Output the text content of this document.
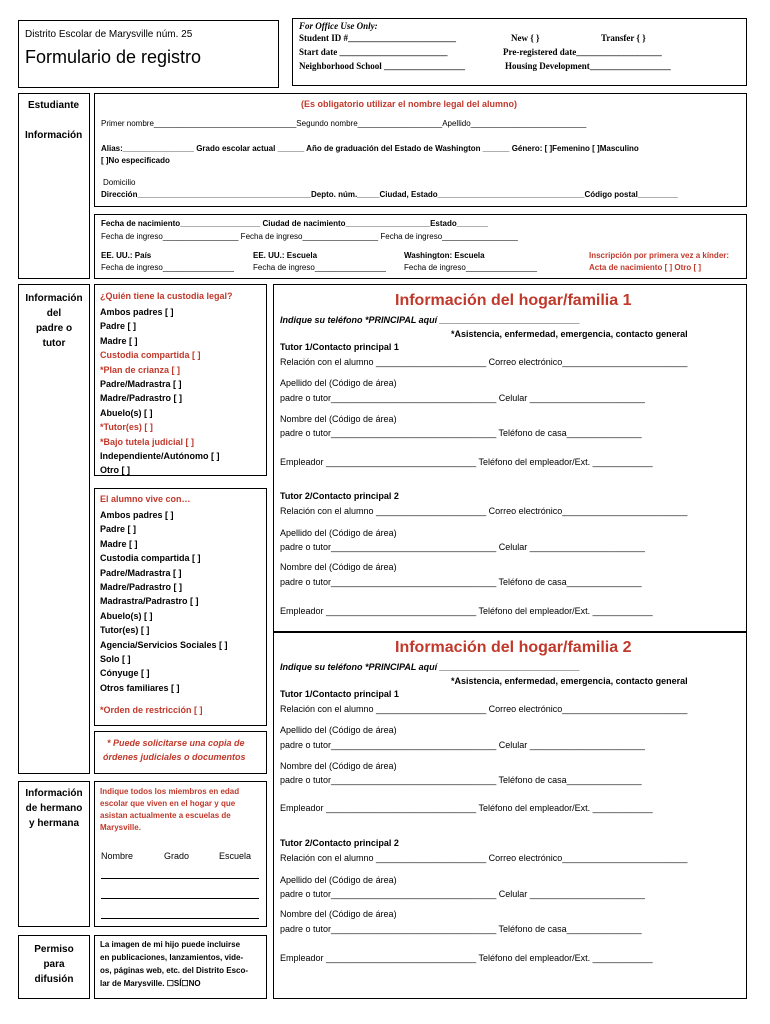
Distrito Escolar de Marysville núm. 25
Formulario de registro
For Office Use Only:
Student ID #________________________	New { }	Transfer { }
Start date ________________________	Pre-registered date___________________
Neighborhood School __________________	Housing Development__________________
Estudiante
Información
(Es obligatorio utilizar el nombre legal del alumno)
Primer nombre________________________________Segundo nombre___________________Apellido__________________________
Alias:________________ Grado escolar actual ______ Año de graduación del Estado de Washington ______ Género: [ ]Femenino [ ]Masculino
[ ]No especificado
Domicilio
Dirección_______________________________________Depto. núm._____Ciudad, Estado_________________________________Código postal_________
Fecha de nacimiento__________________ Ciudad de nacimiento___________________Estado_______
Fecha de ingreso_________________ Fecha de ingreso_________________ Fecha de ingreso_________________
EE. UU.: País	EE. UU.: Escuela	Washington: Escuela
Fecha de ingreso________________ Fecha de ingreso________________ Fecha de ingreso________________
Inscripción por primera vez a kínder:
Acta de nacimiento [ ] Otro [ ]
Información
del
padre o
tutor
¿Quién tiene la custodia legal?
Ambos padres [ ]
Padre [ ]
Madre [ ]
Custodia compartida [ ]
*Plan de crianza [ ]
Padre/Madrastra [ ]
Madre/Padrastro [ ]
Abuelo(s) [ ]
*Tutor(es) [ ]
*Bajo tutela judicial [ ]
Independiente/Autónomo [ ]
Otro [ ]
El alumno vive con…
Ambos padres [ ]
Padre [ ]
Madre [ ]
Custodia compartida [ ]
Padre/Madrastra [ ]
Madre/Padrastro [ ]
Madrastra/Padrastro [ ]
Abuelo(s) [ ]
Tutor(es) [ ]
Agencia/Servicios Sociales [ ]
Solo [ ]
Cónyuge [ ]
Otros familiares [ ]
*Orden de restricción [ ]
* Puede solicitarse una copia de
órdenes judiciales o documentos
Información
de hermano
y hermana
Indique todos los miembros en edad
escolar que viven en el hogar y que
asistan actualmente a escuelas de
Marysville.
Nombre	Grado	Escuela
Permiso
para
difusión
La imagen de mi hijo puede incluirse
en publicaciones, lanzamientos, vide-
os, páginas web, etc. del Distrito Esco-
lar de Marysville. ☐SÍ☐NO
Información del hogar/familia 1
Indique su teléfono *PRINCIPAL aquí ____________________________
*Asistencia, enfermedad, emergencia, contacto general
Tutor 1/Contacto principal 1
Relación con el alumno ______________________ Correo electrónico_________________________
Apellido del (Código de área)
padre o tutor_________________________________ Celular _______________________
Nombre del (Código de área)
padre o tutor_________________________________ Teléfono de casa_______________
Empleador ______________________________ Teléfono del empleador/Ext. ____________
Tutor 2/Contacto principal 2
Relación con el alumno ______________________ Correo electrónico_________________________
Apellido del (Código de área)
padre o tutor_________________________________ Celular _______________________
Nombre del (Código de área)
padre o tutor_________________________________ Teléfono de casa_______________
Empleador ______________________________ Teléfono del empleador/Ext. ____________
Información del hogar/familia 2
Indique su teléfono *PRINCIPAL aquí ____________________________
*Asistencia, enfermedad, emergencia, contacto general
Tutor 1/Contacto principal 1
Relación con el alumno ______________________ Correo electrónico_________________________
Apellido del (Código de área)
padre o tutor_________________________________ Celular _______________________
Nombre del (Código de área)
padre o tutor_________________________________ Teléfono de casa_______________
Empleador ______________________________ Teléfono del empleador/Ext. ____________
Tutor 2/Contacto principal 2
Relación con el alumno ______________________ Correo electrónico_________________________
Apellido del (Código de área)
padre o tutor_________________________________ Celular _______________________
Nombre del (Código de área)
padre o tutor_________________________________ Teléfono de casa_______________
Empleador ______________________________ Teléfono del empleador/Ext. ____________
